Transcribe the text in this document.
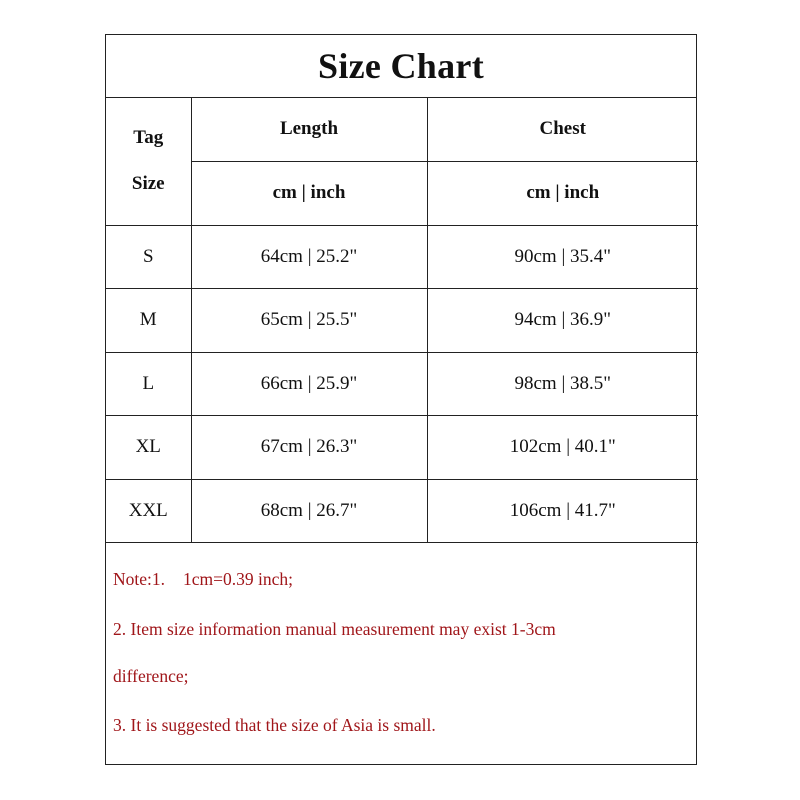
Size Chart
Tag
Size	Length	Chest
	cm | inch	cm | inch
S	64cm | 25.2"	90cm | 35.4"
M	65cm | 25.5"	94cm | 36.9"
L	66cm | 25.9"	98cm | 38.5"
XL	67cm | 26.3"	102cm | 40.1"
XXL	68cm | 26.7"	106cm | 41.7"
Note:1. 1cm=0.39 inch;
2. Item size information manual measurement may exist 1-3cm
difference;
3. It is suggested that the size of Asia is small.
